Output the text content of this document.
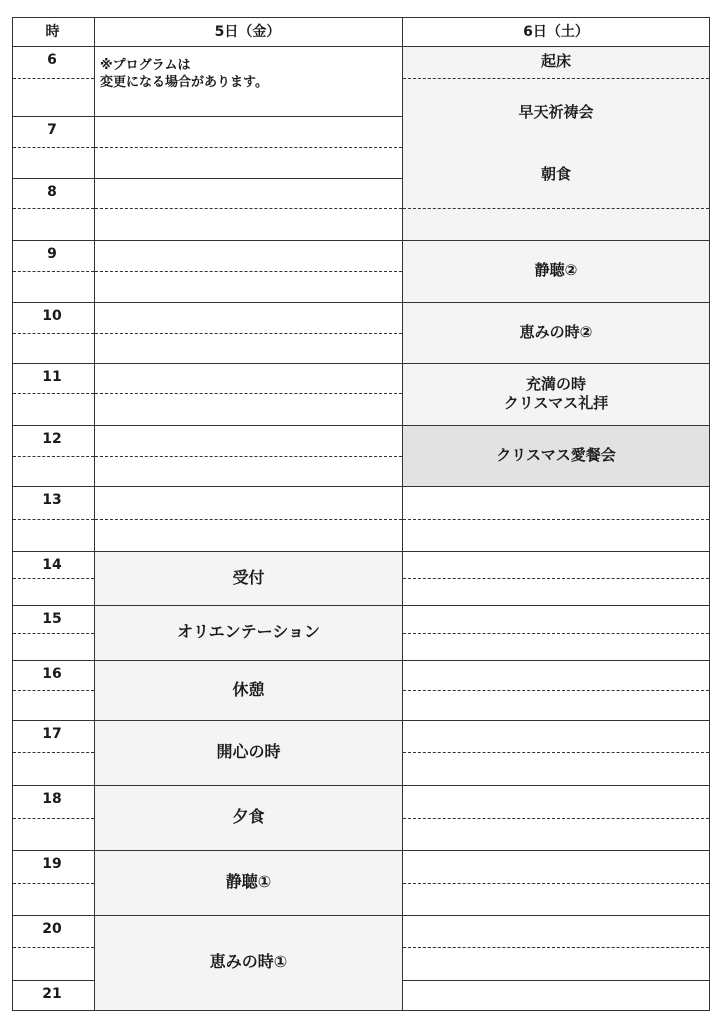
時	5日（金）	6日（土）
※プログラムは
変更になる場合があります。
6
7
8
9
10
11
12
13
14
15
16
17
18
19
20
21
受付
オリエンテーション
休憩
開心の時
夕食
静聴①
恵みの時①
起床
早天祈祷会
朝食
静聴②
恵みの時②
充満の時
クリスマス礼拝
クリスマス愛餐会
